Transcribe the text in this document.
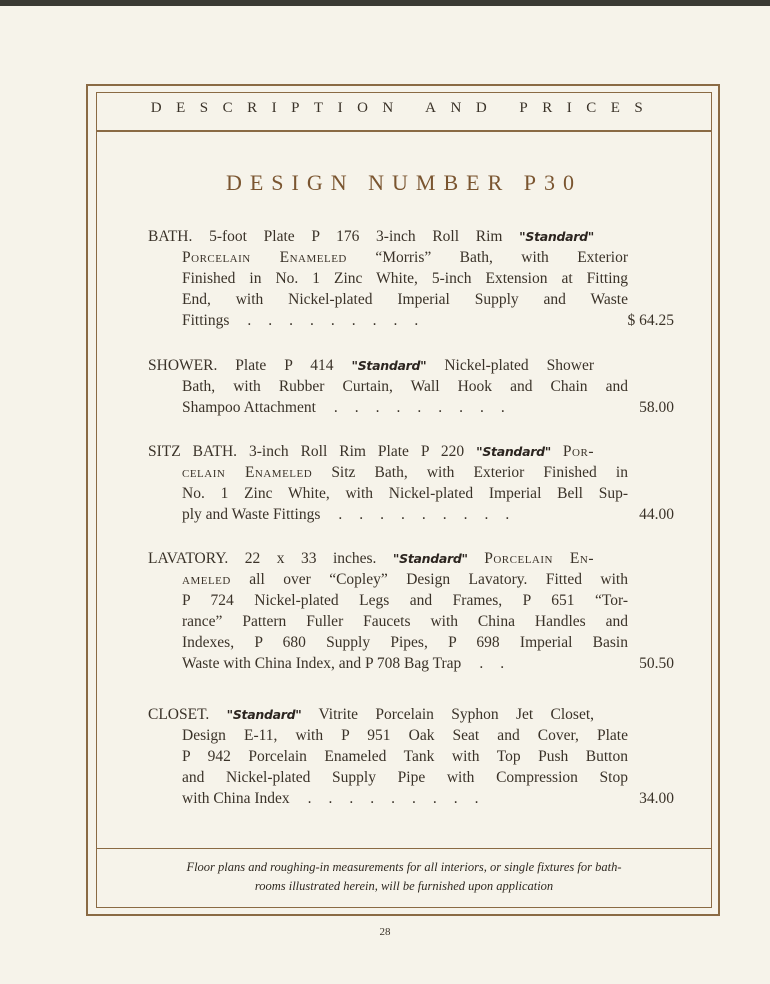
DESCRIPTION AND PRICES
DESIGN NUMBER P30
BATH. 5-foot Plate P 176 3-inch Roll Rim "Standard"
Porcelain Enameled “Morris” Bath, with Exterior
Finished in No. 1 Zinc White, 5-inch Extension at Fitting
End, with Nickel-plated Imperial Supply and Waste
Fittings .........	$ 64.25
SHOWER. Plate P 414 "Standard" Nickel-plated Shower
Bath, with Rubber Curtain, Wall Hook and Chain and
Shampoo Attachment .........	58.00
SITZ BATH. 3-inch Roll Rim Plate P 220 "Standard" Por-
celain Enameled Sitz Bath, with Exterior Finished in
No. 1 Zinc White, with Nickel-plated Imperial Bell Sup-
ply and Waste Fittings .........	44.00
LAVATORY. 22 x 33 inches. "Standard" Porcelain En-
ameled all over “Copley” Design Lavatory. Fitted with
P 724 Nickel-plated Legs and Frames, P 651 “Tor-
rance” Pattern Fuller Faucets with China Handles and
Indexes, P 680 Supply Pipes, P 698 Imperial Basin
Waste with China Index, and P 708 Bag Trap ..	50.50
CLOSET. "Standard" Vitrite Porcelain Syphon Jet Closet,
Design E-11, with P 951 Oak Seat and Cover, Plate
P 942 Porcelain Enameled Tank with Top Push Button
and Nickel-plated Supply Pipe with Compression Stop
with China Index .........	34.00
Floor plans and roughing-in measurements for all interiors, or single fixtures for bath-
rooms illustrated herein, will be furnished upon application
28
